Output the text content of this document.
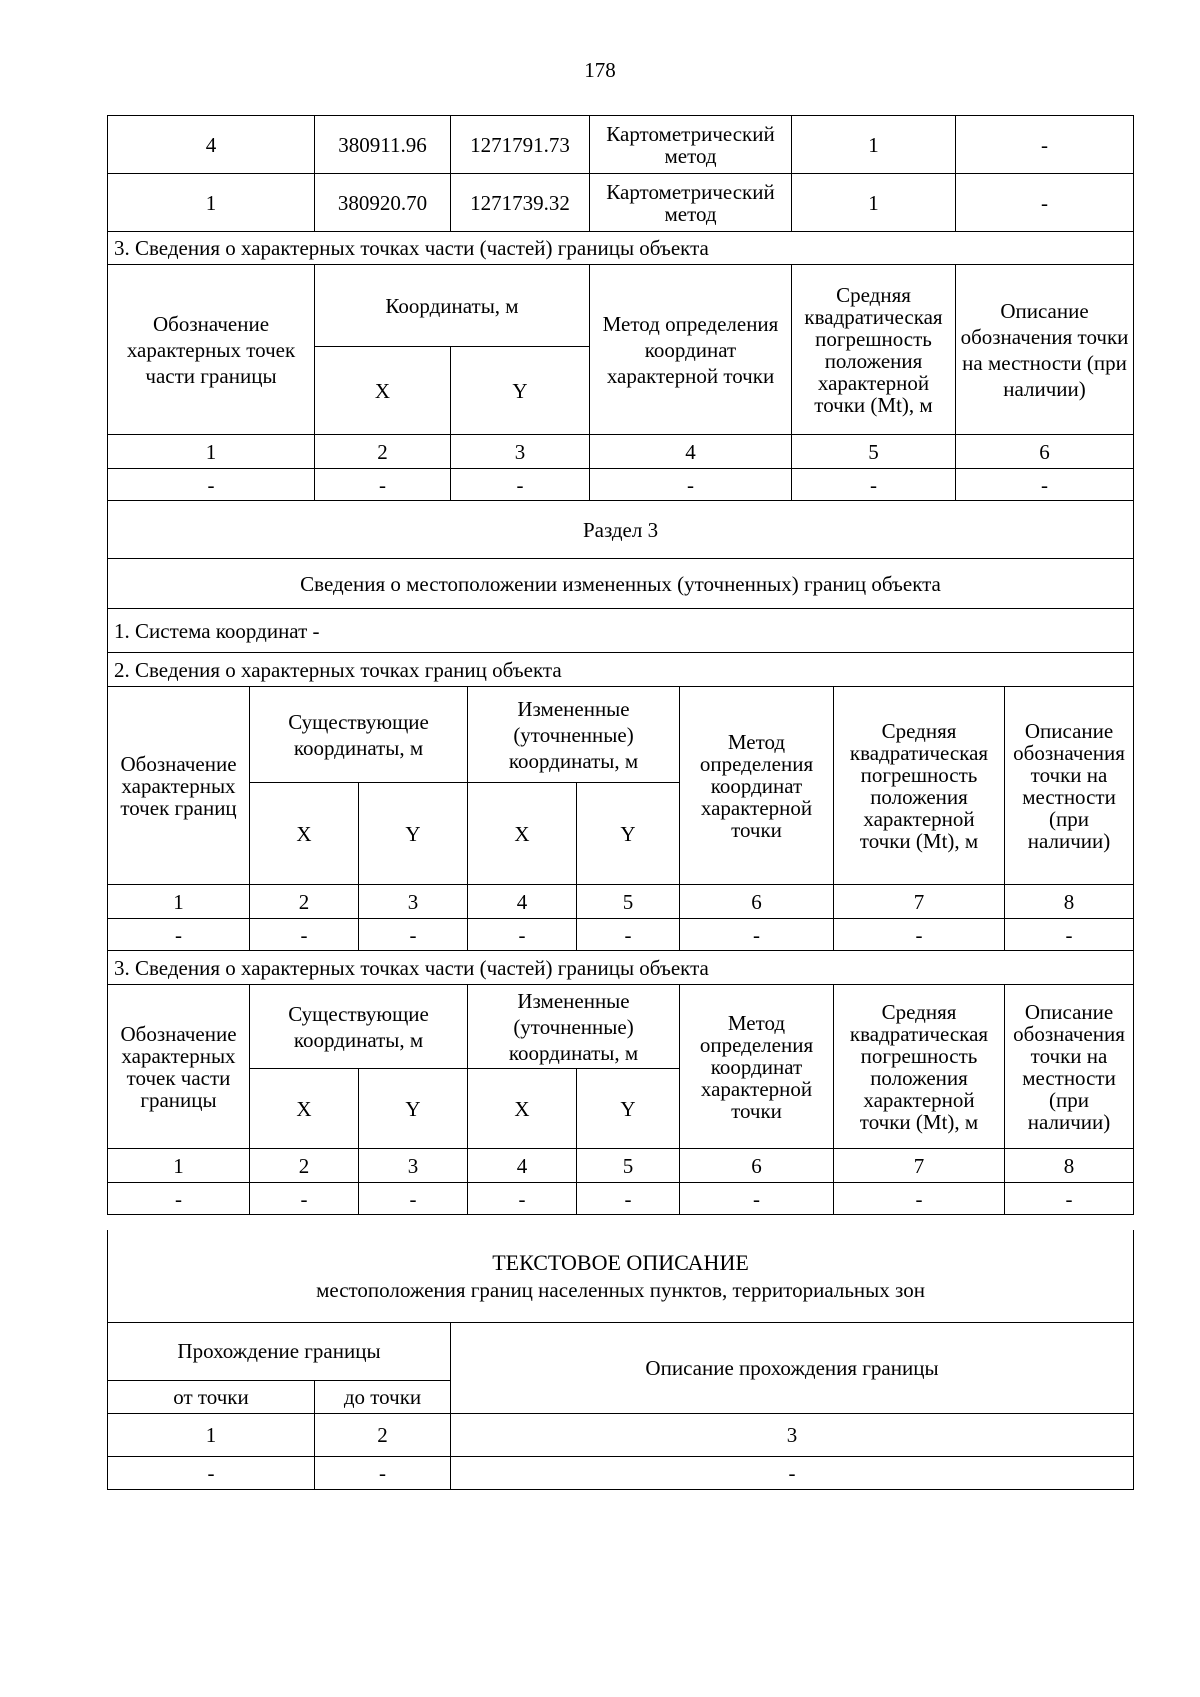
178
4	380911.96	1271791.73	Картометрический метод	1	-
1	380920.70	1271739.32	Картометрический метод	1	-
3. Сведения о характерных точках части (частей) границы объекта					
Обозначение характерных точек части границы	Координаты, м		Метод определения координат характерной точки	Средняя квадратическая погрешность положения характерной точки (Mt), м	Описание обозначения точки на местности (при наличии)
	X	Y			
1	2	3	4	5	6
-	-	-	-	-	-
Раздел 3							
Сведения о местоположении измененных (уточненных) границ объекта							
1. Система координат -							
2. Сведения о характерных точках границ объекта							
Обозначение характерных точек границ	Существующие координаты, м		Измененные (уточненные) координаты, м		Метод определения координат характерной точки	Средняя квадратическая погрешность положения характерной точки (Mt), м	Описание обозначения точки на местности (при наличии)
	X	Y	X	Y			
1	2	3	4	5	6	7	8
-	-	-	-	-	-	-	-
3. Сведения о характерных точках части (частей) границы объекта							
Обозначение характерных точек части границы	Существующие координаты, м		Измененные (уточненные) координаты, м		Метод определения координат характерной точки	Средняя квадратическая погрешность положения характерной точки (Mt), м	Описание обозначения точки на местности (при наличии)
	X	Y	X	Y			
1	2	3	4	5	6	7	8
-	-	-	-	-	-	-	-
ТЕКСТОВОЕ ОПИСАНИЕ
местоположения границ населенных пунктов, территориальных зон		

Прохождение границы		Описание прохождения границы
от точки	до точки	
1	2	3
-	-	-
